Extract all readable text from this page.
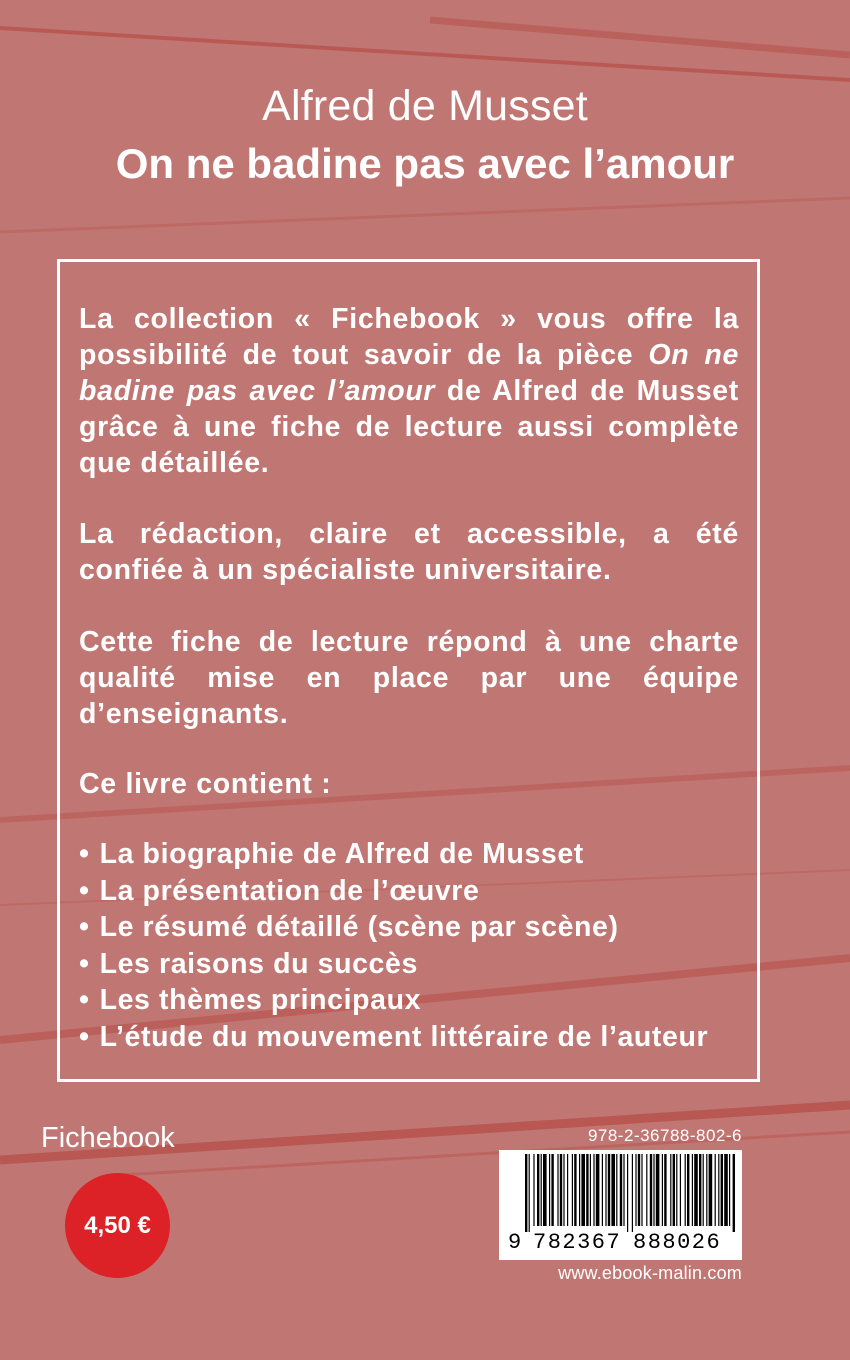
Alfred de Musset
On ne badine pas avec l’amour
La collection « Fichebook » vous offre la possibilité de tout savoir de la pièce On ne badine pas avec l’amour de Alfred de Musset grâce à une fiche de lecture aussi complète que détaillée.
La rédaction, claire et accessible, a été confiée à un spécialiste universitaire.
Cette fiche de lecture répond à une charte qualité mise en place par une équipe d’enseignants.
Ce livre contient :
• La biographie de Alfred de Musset
• La présentation de l’œuvre
• Le résumé détaillé (scène par scène)
• Les raisons du succès
• Les thèmes principaux
• L’étude du mouvement littéraire de l’auteur
Fichebook
4,50 €
978-2-36788-802-6
9 782367 888026
www.ebook-malin.com
